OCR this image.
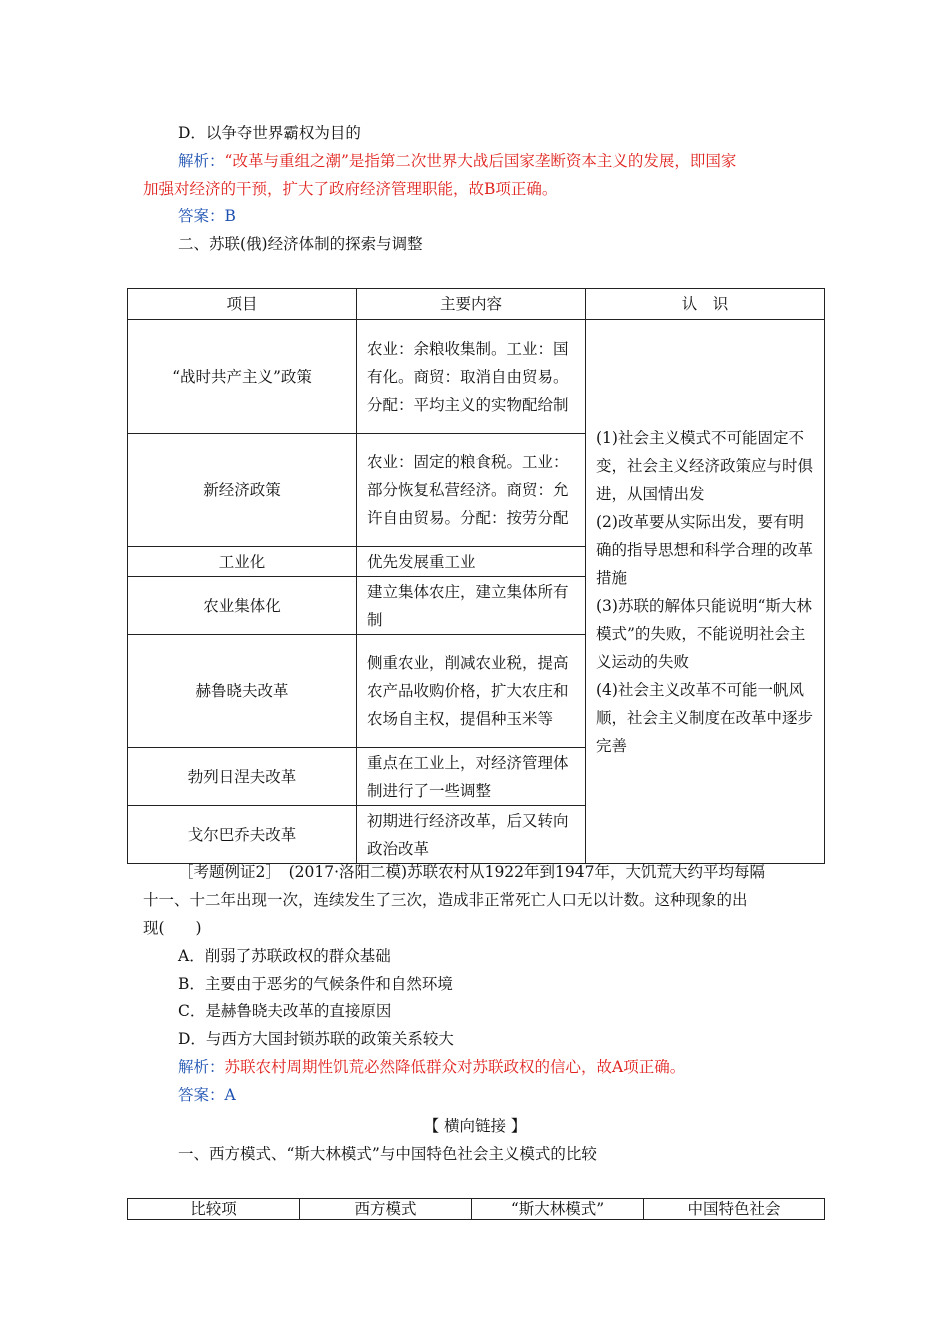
D．以争夺世界霸权为目的
解析：“改革与重组之潮”是指第二次世界大战后国家垄断资本主义的发展，即国家
加强对经济的干预，扩大了政府经济管理职能，故B项正确。
答案：B
二、苏联(俄)经济体制的探索与调整
项目	主要内容	认　识
“战时共产主义”政策	农业：余粮收集制。工业：国有化。商贸：取消自由贸易。分配：平均主义的实物配给制	(1)社会主义模式不可能固定不变，社会主义经济政策应与时俱进，从国情出发
(2)改革要从实际出发，要有明确的指导思想和科学合理的改革措施
(3)苏联的解体只能说明“斯大林模式”的失败，不能说明社会主义运动的失败
(4)社会主义改革不可能一帆风顺，社会主义制度在改革中逐步完善

新经济政策	农业：固定的粮食税。工业：部分恢复私营经济。商贸：允许自由贸易。分配：按劳分配	
工业化	优先发展重工业	
农业集体化	建立集体农庄，建立集体所有制	
赫鲁晓夫改革	侧重农业，削减农业税，提高农产品收购价格，扩大农庄和农场自主权，提倡种玉米等	
勃列日涅夫改革	重点在工业上，对经济管理体制进行了一些调整	
戈尔巴乔夫改革	初期进行经济改革，后又转向政治改革	
［考题例证2］　(2017·洛阳二模)苏联农村从1922年到1947年，大饥荒大约平均每隔
十一、十二年出现一次，连续发生了三次，造成非正常死亡人口无以计数。这种现象的出
现(　　)
A．削弱了苏联政权的群众基础
B．主要由于恶劣的气候条件和自然环境
C．是赫鲁晓夫改革的直接原因
D．与西方大国封锁苏联的政策关系较大
解析：苏联农村周期性饥荒必然降低群众对苏联政权的信心，故A项正确。
答案：A
【 横向链接 】
一、西方模式、“斯大林模式”与中国特色社会主义模式的比较
比较项	西方模式	“斯大林模式”	中国特色社会
